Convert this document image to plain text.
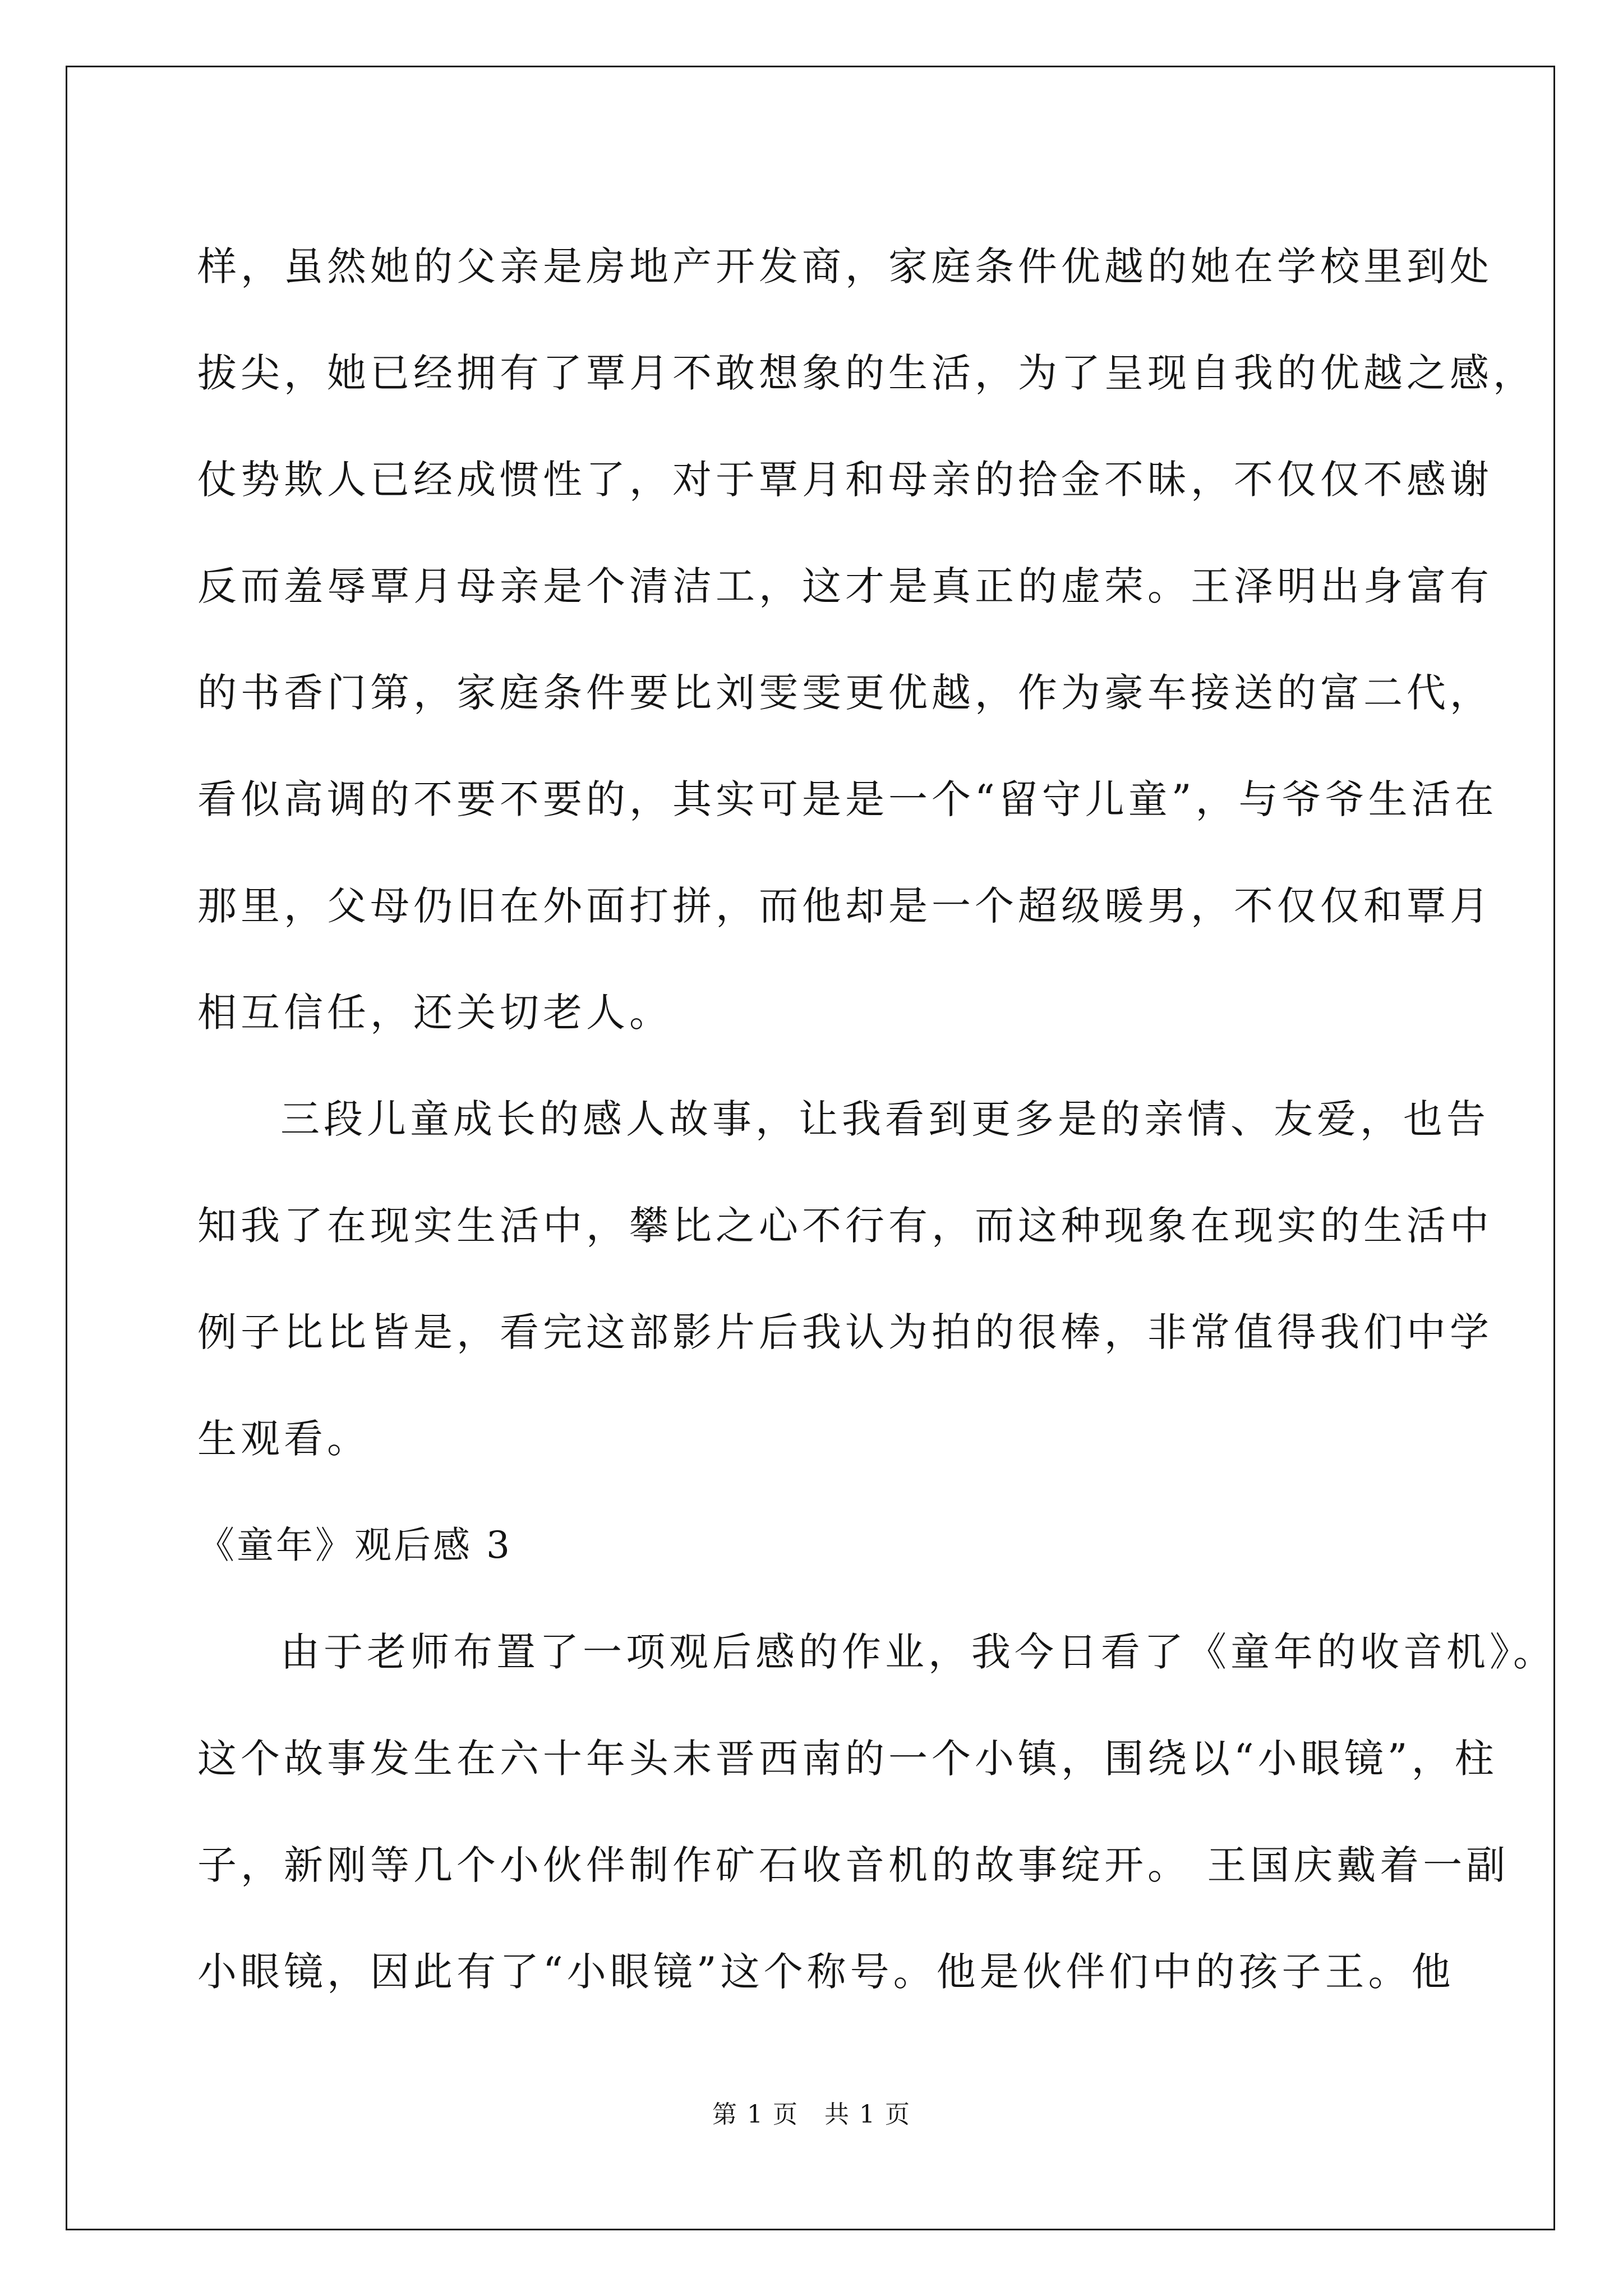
样，虽然她的父亲是房地产开发商，家庭条件优越的她在学校里到处
拔尖，她已经拥有了覃月不敢想象的生活，为了呈现自我的优越之感，
仗势欺人已经成惯性了，对于覃月和母亲的拾金不昧，不仅仅不感谢
反而羞辱覃月母亲是个清洁工，这才是真正的虚荣。王泽明出身富有
的书香门第，家庭条件要比刘雯雯更优越，作为豪车接送的富二代，
看似高调的不要不要的，其实可是是一个“留守儿童”，与爷爷生活在
那里，父母仍旧在外面打拼，而他却是一个超级暖男，不仅仅和覃月
相互信任，还关切老人。
三段儿童成长的感人故事，让我看到更多是的亲情、友爱，也告
知我了在现实生活中，攀比之心不行有，而这种现象在现实的生活中
例子比比皆是，看完这部影片后我认为拍的很棒，非常值得我们中学
生观看。
《童年》观后感 3
由于老师布置了一项观后感的作业，我今日看了《童年的收音机》。
这个故事发生在六十年头末晋西南的一个小镇，围绕以“小眼镜”，柱
子，新刚等几个小伙伴制作矿石收音机的故事绽开。 王国庆戴着一副
小眼镜，因此有了“小眼镜”这个称号。他是伙伴们中的孩子王。他
第 1 页　共 1 页
